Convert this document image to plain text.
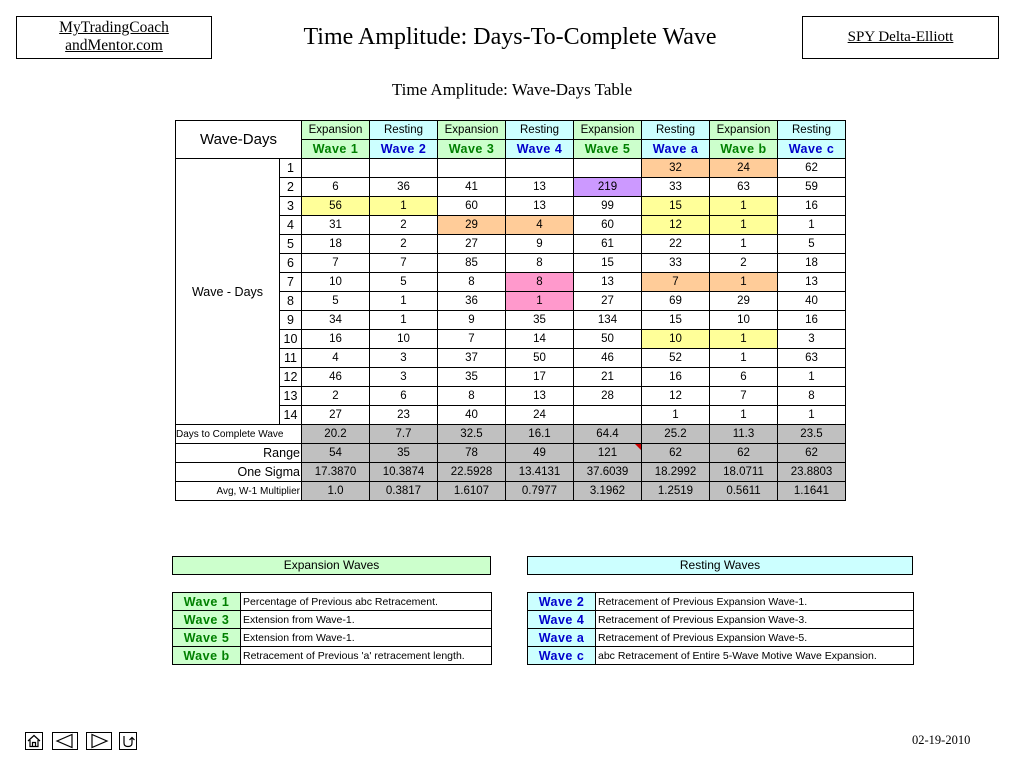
MyTradingCoach
andMentor.com	Time Amplitude: Days-To-Complete Wave	SPY Delta-Elliott
Time Amplitude: Wave-Days Table
Wave-Days		Expansion	Resting	Expansion	Resting	Expansion	Resting	Expansion	Resting
		Wave 1	Wave 2	Wave 3	Wave 4	Wave 5	Wave a	Wave b	Wave c
Wave - Days	1						32	24	62
	2	6	36	41	13	219	33	63	59
	3	56	1	60	13	99	15	1	16
	4	31	2	29	4	60	12	1	1
	5	18	2	27	9	61	22	1	5
	6	7	7	85	8	15	33	2	18
	7	10	5	8	8	13	7	1	13
	8	5	1	36	1	27	69	29	40
	9	34	1	9	35	134	15	10	16
	10	16	10	7	14	50	10	1	3
	11	4	3	37	50	46	52	1	63
	12	46	3	35	17	21	16	6	1
	13	2	6	8	13	28	12	7	8
	14	27	23	40	24		1	1	1
Days to Complete Wave		20.2	7.7	32.5	16.1	64.4	25.2	11.3	23.5
Range		54	35	78	49	121	62	62	62
One Sigma		17.3870	10.3874	22.5928	13.4131	37.6039	18.2992	18.0711	23.8803
Avg, W-1 Multiplier		1.0	0.3817	1.6107	0.7977	3.1962	1.2519	0.5611	1.1641
Expansion Waves	Resting Waves
Wave 1	Percentage of Previous abc Retracement.
Wave 3	Extension from Wave-1.
Wave 5	Extension from Wave-1.
Wave b	Retracement of Previous 'a' retracement length.
Wave 2	Retracement of Previous Expansion Wave-1.
Wave 4	Retracement of Previous Expansion Wave-3.
Wave a	Retracement of Previous Expansion Wave-5.
Wave c	abc Retracement of Entire 5-Wave Motive Wave Expansion.
02-19-2010
